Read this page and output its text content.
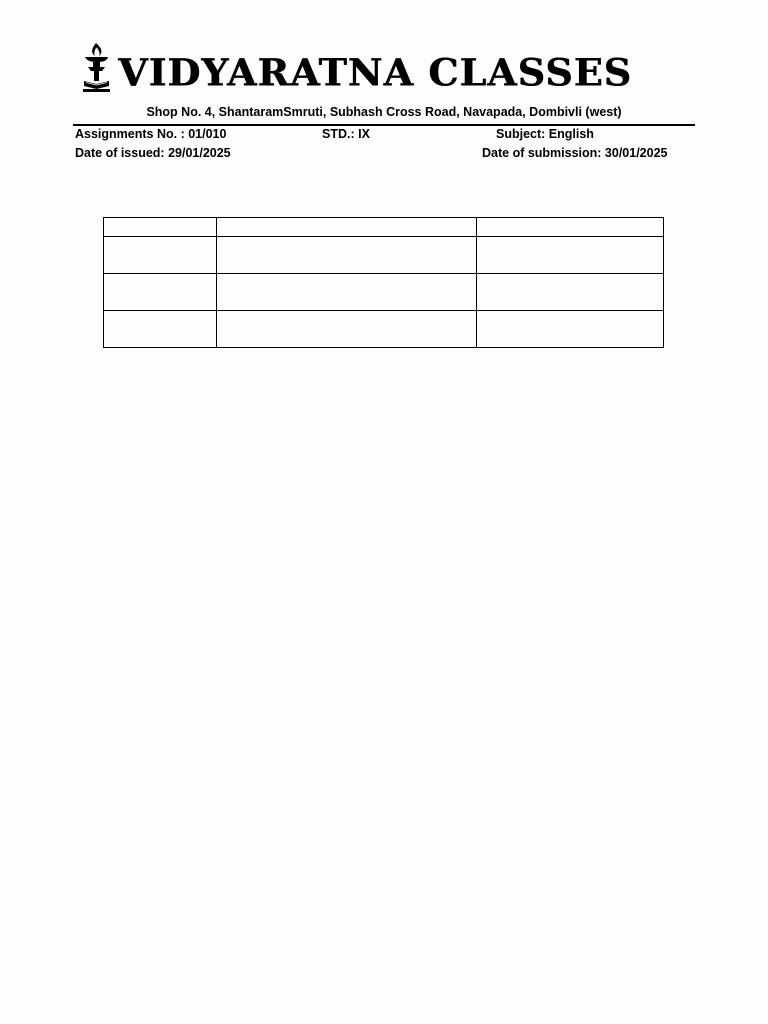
VIDYARATNA CLASSES
Shop No. 4, ShantaramSmruti, Subhash Cross Road, Navapada, Dombivli (west)
Assignments No. : 01/010	STD.: IX	Subject: English
Date of issued: 29/01/2025	Date of submission: 30/01/2025
